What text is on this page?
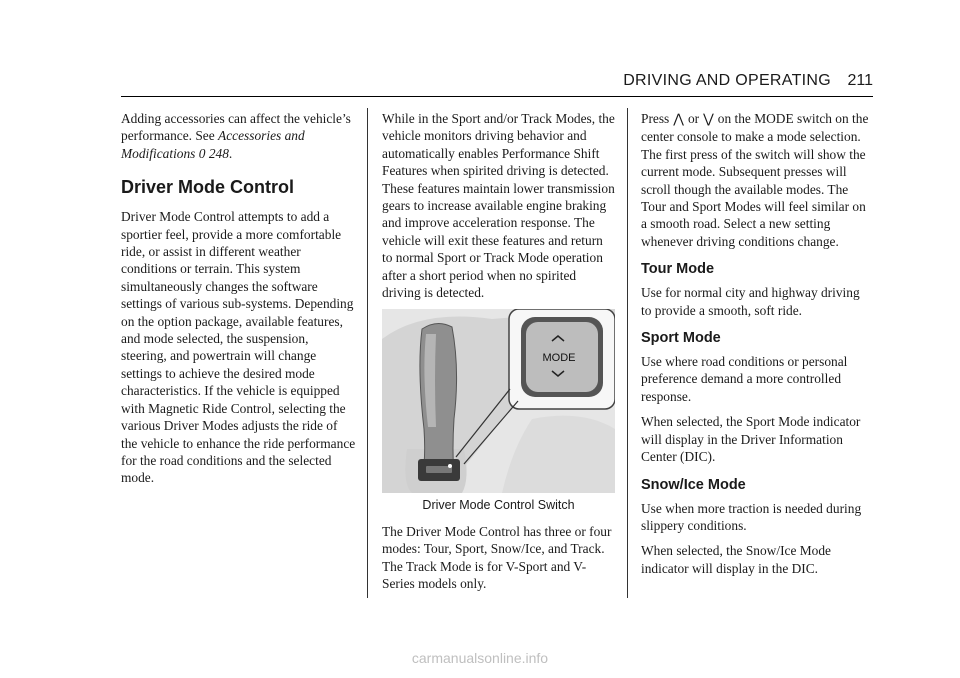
DRIVING AND OPERATING 211

Adding accessories can affect the vehicle’s performance. See Accessories and Modifications 0 248.

Driver Mode Control

Driver Mode Control attempts to add a sportier feel, provide a more comfortable ride, or assist in different weather conditions or terrain. This system simultaneously changes the software settings of various sub-systems. Depending on the option package, available features, and mode selected, the suspension, steering, and powertrain will change settings to achieve the desired mode characteristics. If the vehicle is equipped with Magnetic Ride Control, selecting the various Driver Modes adjusts the ride of the vehicle to enhance the ride performance for the road conditions and the selected mode.

While in the Sport and/or Track Modes, the vehicle monitors driving behavior and automatically enables Performance Shift Features when spirited driving is detected. These features maintain lower transmission gears to increase available engine braking and improve acceleration response. The vehicle will exit these features and return to normal Sport or Track Mode operation after a short period when no spirited driving is detected.

MODE

Driver Mode Control Switch

The Driver Mode Control has three or four modes: Tour, Sport, Snow/Ice, and Track. The Track Mode is for V-Sport and V-Series models only.

Press ⋀ or ⋁ on the MODE switch on the center console to make a mode selection. The first press of the switch will show the current mode. Subsequent presses will scroll though the available modes. The Tour and Sport Modes will feel similar on a smooth road. Select a new setting whenever driving conditions change.

Tour Mode

Use for normal city and highway driving to provide a smooth, soft ride.

Sport Mode

Use where road conditions or personal preference demand a more controlled response.

When selected, the Sport Mode indicator will display in the Driver Information Center (DIC).

Snow/Ice Mode

Use when more traction is needed during slippery conditions.

When selected, the Snow/Ice Mode indicator will display in the DIC.

carmanualsonline.info
